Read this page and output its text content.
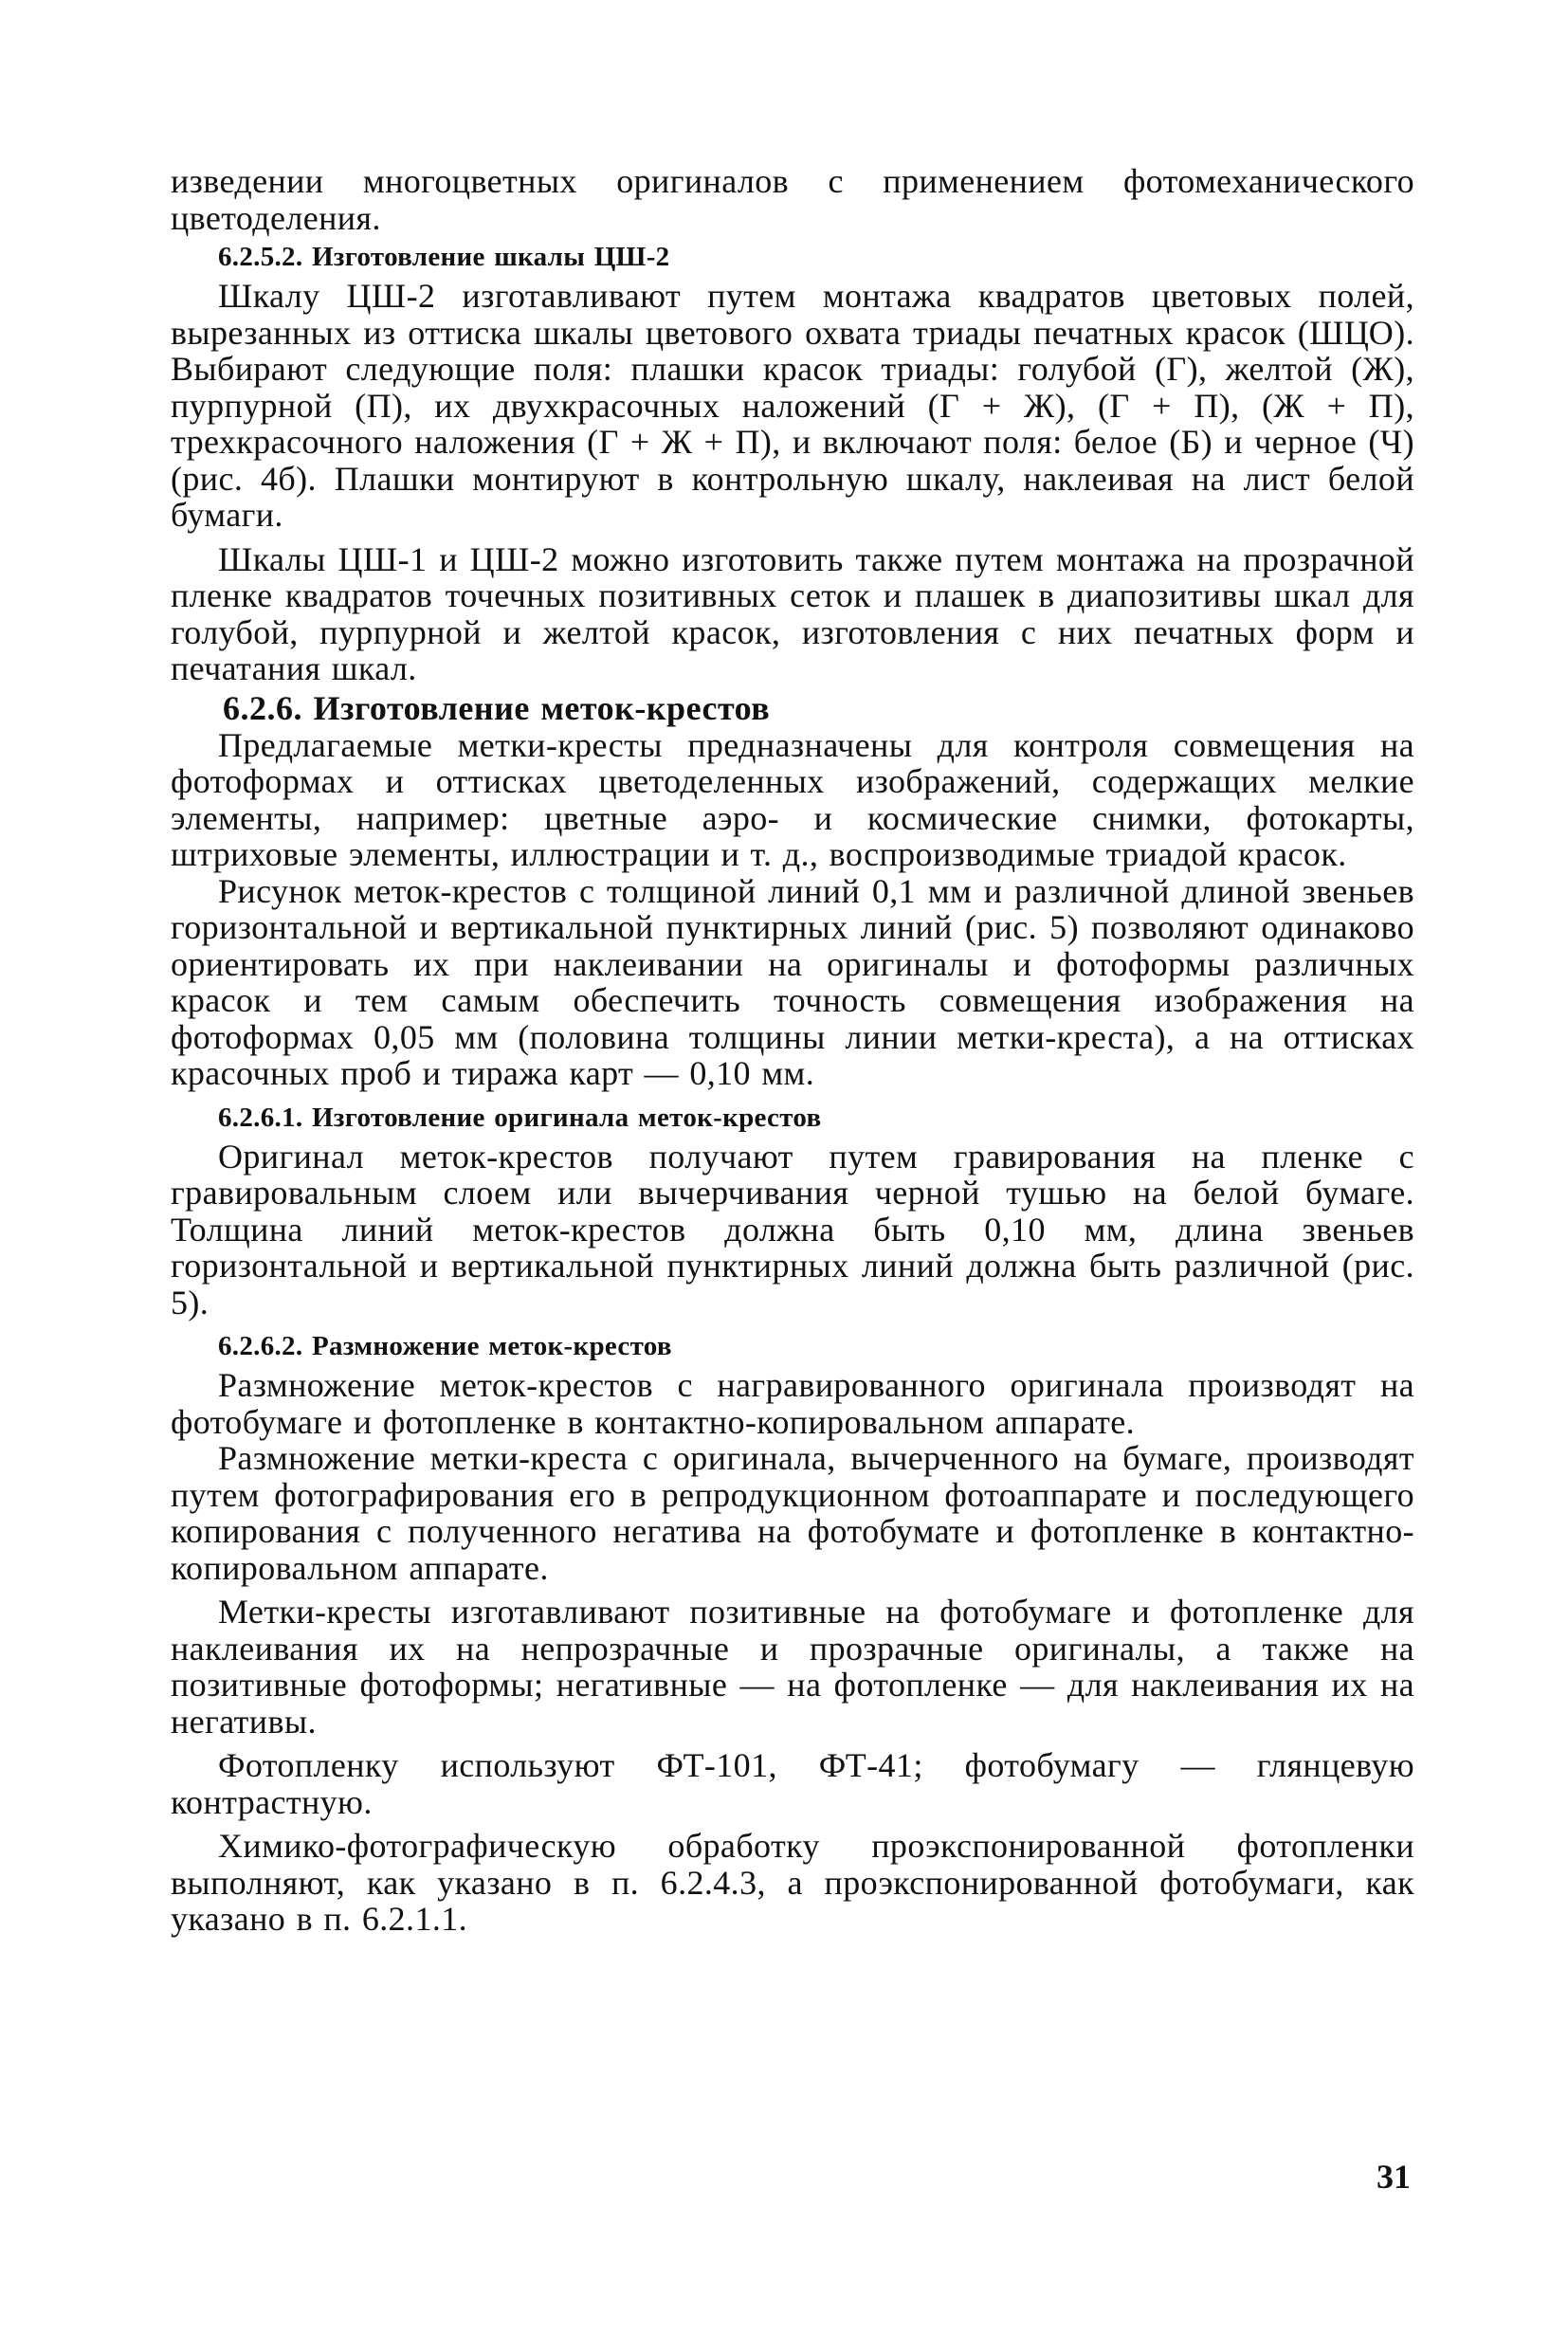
изведении многоцветных оригиналов с применением фотомеханического цветоделения.

6.2.5.2. Изготовление шкалы ЦШ-2

Шкалу ЦШ-2 изготавливают путем монтажа квадратов цветовых полей, вырезанных из оттиска шкалы цветового охвата триады печатных красок (ШЦО). Выбирают следующие поля: плашки красок триады: голубой (Г), желтой (Ж), пурпурной (П), их двухкрасочных наложений (Г + Ж), (Г + П), (Ж + П), трехкрасочного наложения (Г + Ж + П), и включают поля: белое (Б) и черное (Ч) (рис. 4б). Плашки монтируют в контрольную шкалу, наклеивая на лист белой бумаги.

Шкалы ЦШ-1 и ЦШ-2 можно изготовить также путем монтажа на прозрачной пленке квадратов точечных позитивных сеток и плашек в диапозитивы шкал для голубой, пурпурной и желтой красок, изготовления с них печатных форм и печатания шкал.

6.2.6. Изготовление меток-крестов

Предлагаемые метки-кресты предназначены для контроля совмещения на фотоформах и оттисках цветоделенных изображений, содержащих мелкие элементы, например: цветные аэро- и космические снимки, фотокарты, штриховые элементы, иллюстрации и т. д., воспроизводимые триадой красок.

Рисунок меток-крестов с толщиной линий 0,1 мм и различной длиной звеньев горизонтальной и вертикальной пунктирных линий (рис. 5) позволяют одинаково ориентировать их при наклеивании на оригиналы и фотоформы различных красок и тем самым обеспечить точность совмещения изображения на фотоформах 0,05 мм (половина толщины линии метки-креста), а на оттисках красочных проб и тиража карт — 0,10 мм.

6.2.6.1. Изготовление оригинала меток-крестов

Оригинал меток-крестов получают путем гравирования на пленке с гравировальным слоем или вычерчивания черной тушью на белой бумаге. Толщина линий меток-крестов должна быть 0,10 мм, длина звеньев горизонтальной и вертикальной пунктирных линий должна быть различной (рис. 5).

6.2.6.2. Размножение меток-крестов

Размножение меток-крестов с награвированного оригинала производят на фотобумаге и фотопленке в контактно-копировальном аппарате.

Размножение метки-креста с оригинала, вычерченного на бумаге, производят путем фотографирования его в репродукционном фотоаппарате и последующего копирования с полученного негатива на фотобумате и фотопленке в контактно-копировальном аппарате.

Метки-кресты изготавливают позитивные на фотобумаге и фотопленке для наклеивания их на непрозрачные и прозрачные оригиналы, а также на позитивные фотоформы; негативные — на фотопленке — для наклеивания их на негативы.

Фотопленку используют ФТ-101, ФТ-41; фотобумагу — глянцевую контрастную.

Химико-фотографическую обработку проэкспонированной фотопленки выполняют, как указано в п. 6.2.4.3, а проэкспонированной фотобумаги, как указано в п. 6.2.1.1.

31
